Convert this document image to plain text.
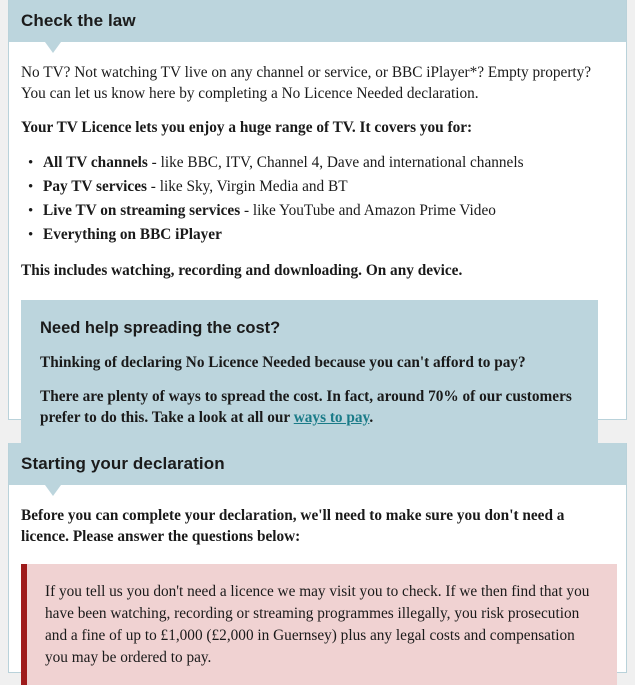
Check the law

No TV? Not watching TV live on any channel or service, or BBC iPlayer*? Empty property? You can let us know here by completing a No Licence Needed declaration.

Your TV Licence lets you enjoy a huge range of TV. It covers you for:

• All TV channels - like BBC, ITV, Channel 4, Dave and international channels
• Pay TV services - like Sky, Virgin Media and BT
• Live TV on streaming services - like YouTube and Amazon Prime Video
• Everything on BBC iPlayer

This includes watching, recording and downloading. On any device.

Need help spreading the cost?

Thinking of declaring No Licence Needed because you can't afford to pay?

There are plenty of ways to spread the cost. In fact, around 70% of our customers prefer to do this. Take a look at all our ways to pay.

Starting your declaration

Before you can complete your declaration, we'll need to make sure you don't need a licence. Please answer the questions below:

If you tell us you don't need a licence we may visit you to check. If we then find that you have been watching, recording or streaming programmes illegally, you risk prosecution and a fine of up to £1,000 (£2,000 in Guernsey) plus any legal costs and compensation you may be ordered to pay.
